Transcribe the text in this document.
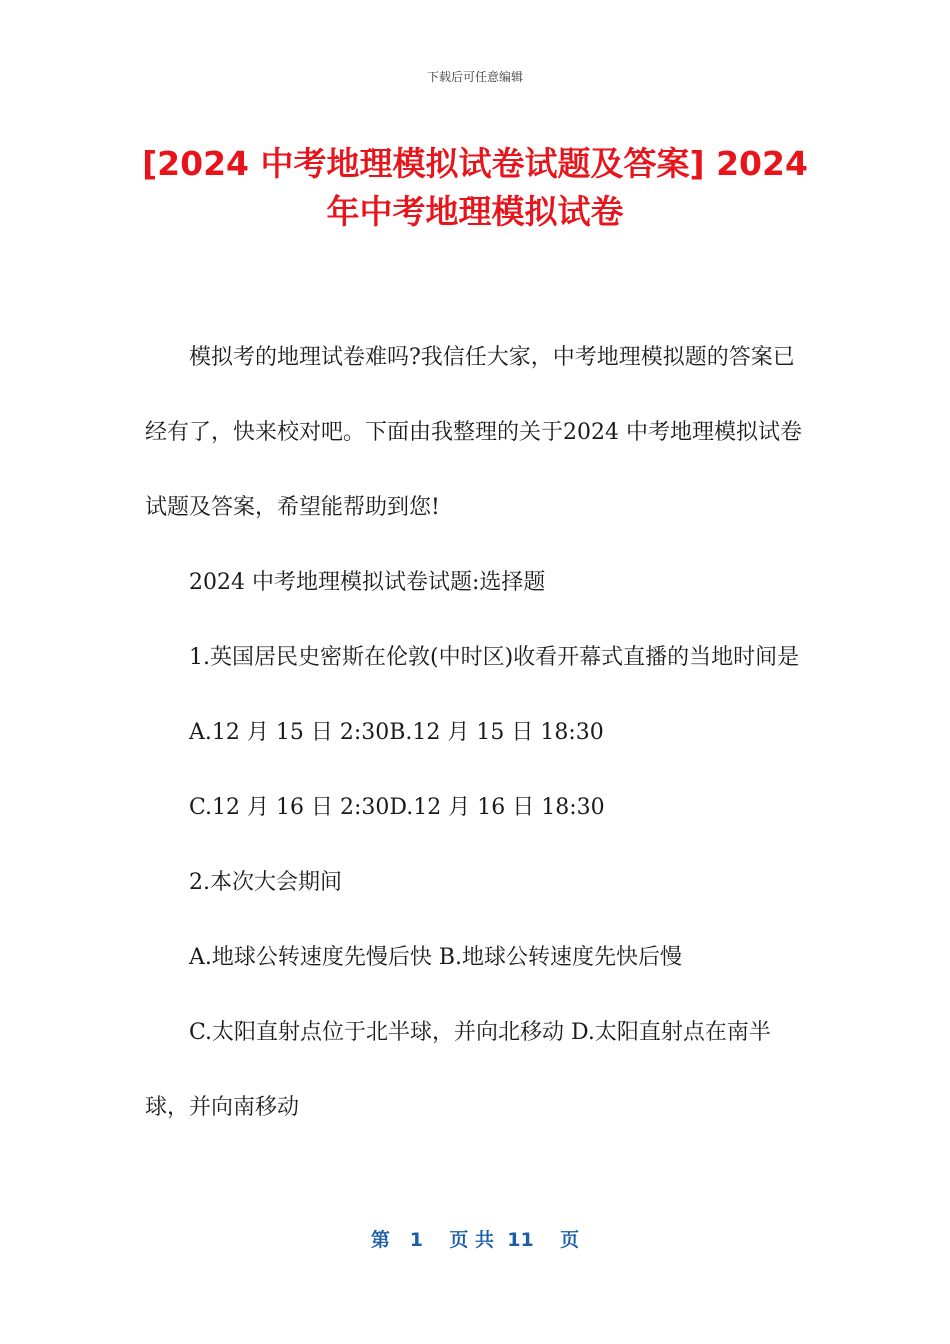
下载后可任意编辑
[2024 中考地理模拟试卷试题及答案] 2024 年中考地理模拟试卷

模拟考的地理试卷难吗?我信任大家，中考地理模拟题的答案已经有了，快来校对吧。下面由我整理的关于2024 中考地理模拟试卷试题及答案，希望能帮助到您!

2024 中考地理模拟试卷试题:选择题

1.英国居民史密斯在伦敦(中时区)收看开幕式直播的当地时间是

A.12 月 15 日 2:30B.12 月 15 日 18:30

C.12 月 16 日 2:30D.12 月 16 日 18:30

2.本次大会期间

A.地球公转速度先慢后快 B.地球公转速度先快后慢

C.太阳直射点位于北半球，并向北移动 D.太阳直射点在南半球，并向南移动

第   1    页 共  11    页
